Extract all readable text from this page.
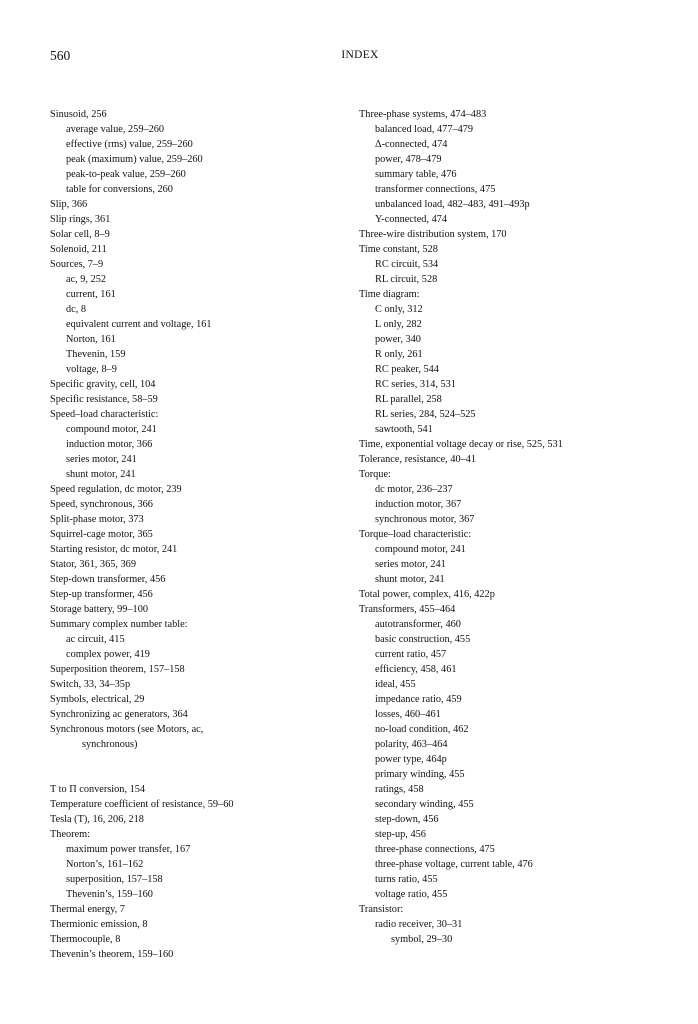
560	INDEX
Sinusoid, 256
average value, 259–260
effective (rms) value, 259–260
peak (maximum) value, 259–260
peak-to-peak value, 259–260
table for conversions, 260
Slip, 366
Slip rings, 361
Solar cell, 8–9
Solenoid, 211
Sources, 7–9
ac, 9, 252
current, 161
dc, 8
equivalent current and voltage, 161
Norton, 161
Thevenin, 159
voltage, 8–9
Specific gravity, cell, 104
Specific resistance, 58–59
Speed–load characteristic:
compound motor, 241
induction motor, 366
series motor, 241
shunt motor, 241
Speed regulation, dc motor, 239
Speed, synchronous, 366
Split-phase motor, 373
Squirrel-cage motor, 365
Starting resistor, dc motor, 241
Stator, 361, 365, 369
Step-down transformer, 456
Step-up transformer, 456
Storage battery, 99–100
Summary complex number table:
ac circuit, 415
complex power, 419
Superposition theorem, 157–158
Switch, 33, 34–35p
Symbols, electrical, 29
Synchronizing ac generators, 364
Synchronous motors (see Motors, ac,
synchronous)
T to Π conversion, 154
Temperature coefficient of resistance, 59–60
Tesla (T), 16, 206, 218
Theorem:
maximum power transfer, 167
Norton’s, 161–162
superposition, 157–158
Thevenin’s, 159–160
Thermal energy, 7
Thermionic emission, 8
Thermocouple, 8
Thevenin’s theorem, 159–160
Three-phase systems, 474–483
balanced load, 477–479
Δ-connected, 474
power, 478–479
summary table, 476
transformer connections, 475
unbalanced load, 482–483, 491–493p
Y-connected, 474
Three-wire distribution system, 170
Time constant, 528
RC circuit, 534
RL circuit, 528
Time diagram:
C only, 312
L only, 282
power, 340
R only, 261
RC peaker, 544
RC series, 314, 531
RL parallel, 258
RL series, 284, 524–525
sawtooth, 541
Time, exponential voltage decay or rise, 525, 531
Tolerance, resistance, 40–41
Torque:
dc motor, 236–237
induction motor, 367
synchronous motor, 367
Torque–load characteristic:
compound motor, 241
series motor, 241
shunt motor, 241
Total power, complex, 416, 422p
Transformers, 455–464
autotransformer, 460
basic construction, 455
current ratio, 457
efficiency, 458, 461
ideal, 455
impedance ratio, 459
losses, 460–461
no-load condition, 462
polarity, 463–464
power type, 464p
primary winding, 455
ratings, 458
secondary winding, 455
step-down, 456
step-up, 456
three-phase connections, 475
three-phase voltage, current table, 476
turns ratio, 455
voltage ratio, 455
Transistor:
radio receiver, 30–31
symbol, 29–30
